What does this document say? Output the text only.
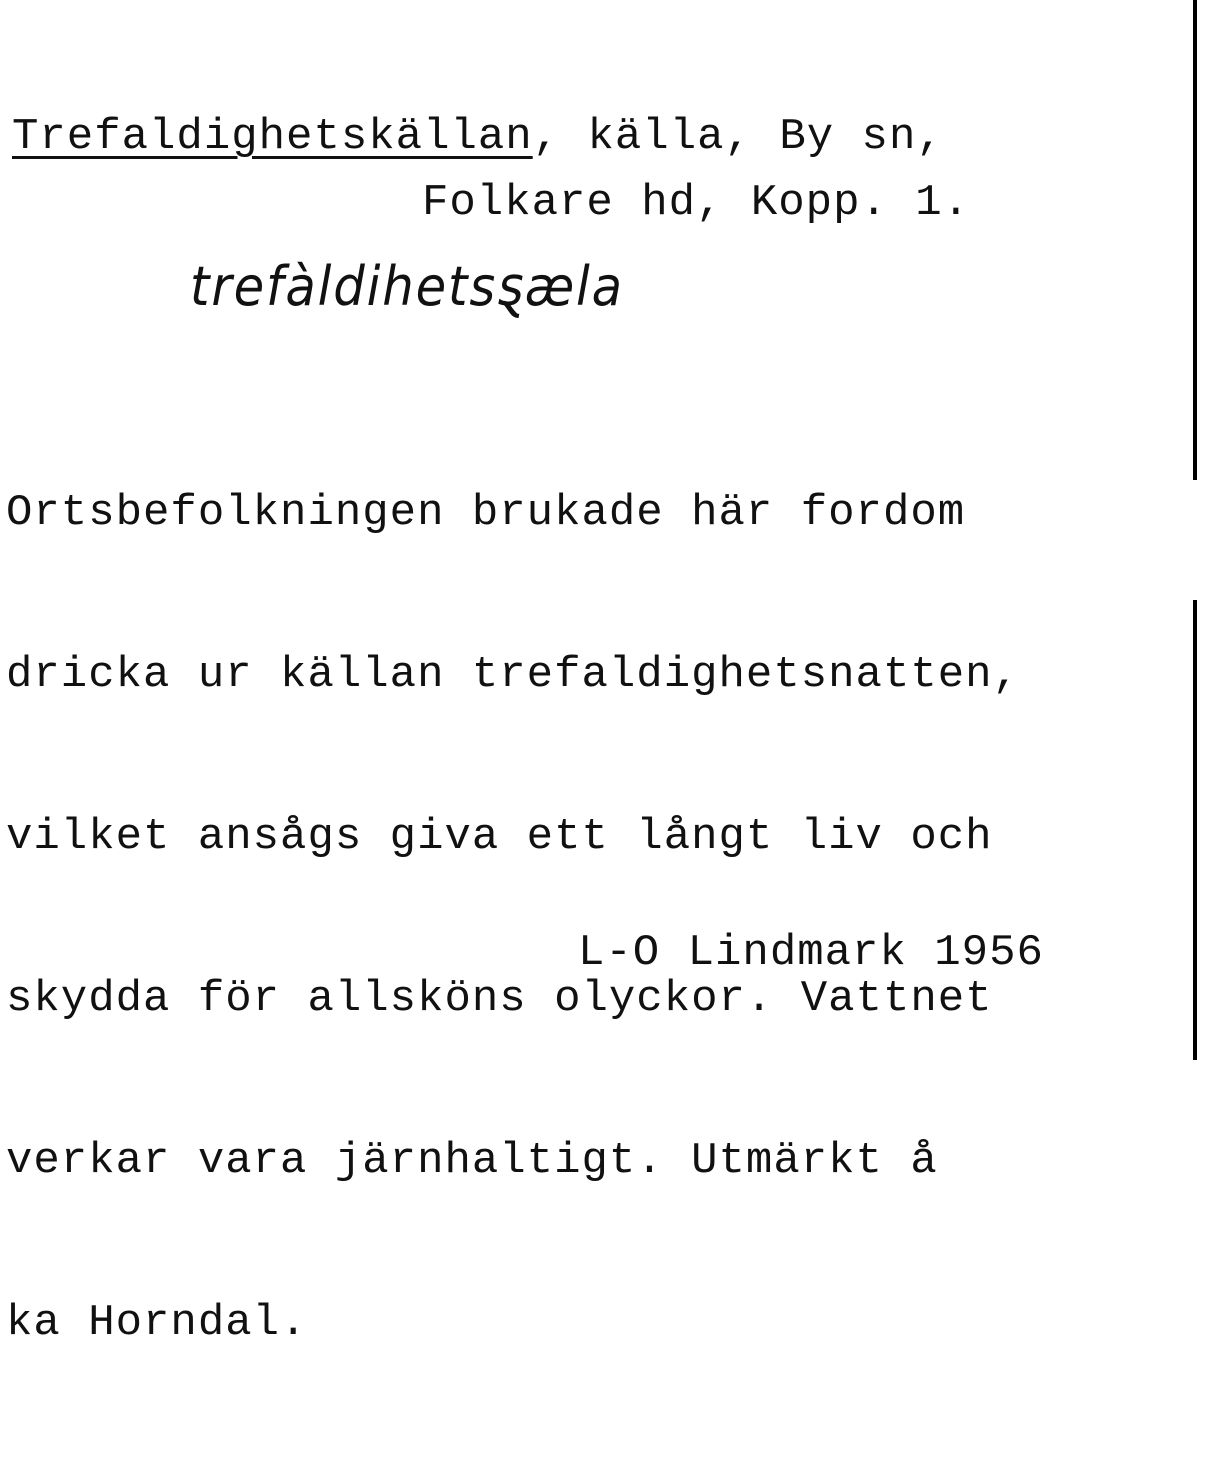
Trefaldighetskällan, källa, By sn,
Folkare hd, Kopp. 1.
trefàldihetsȿæla

Ortsbefolkningen brukade här fordom

dricka ur källan trefaldighetsnatten,

vilket ansågs giva ett långt liv och

skydda för allsköns olyckor. Vattnet

verkar vara järnhaltigt. Utmärkt å

ka Horndal.

L-O Lindmark 1956
